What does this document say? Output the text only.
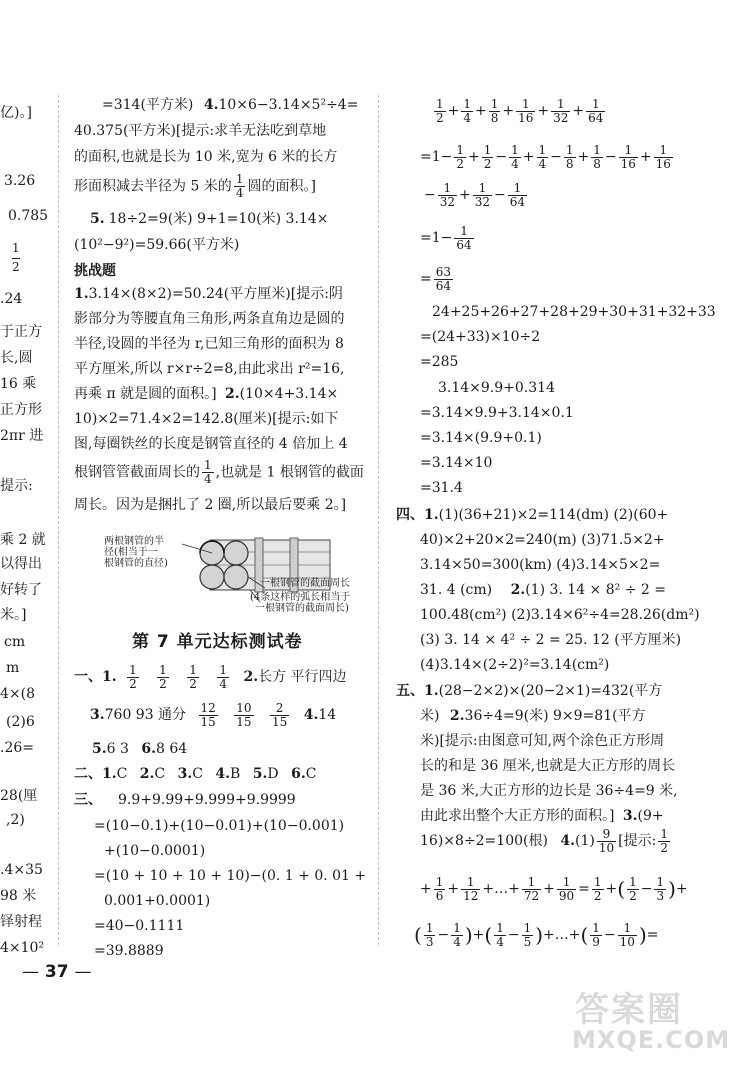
亿)。]
3.26
0.785
1
2
.24
于正方
长,圆
16 乘
正方形
2πr 进
提示:
乘 2 就
以得出
好转了
米。]
cm
m
4×(8
(2)6
.26=
28(厘
,2)
.4×35
98 米
铎射程
4×10²
=314(平方米) 4.10×6−3.14×5²÷4=
40.375(平方米)[提示:求羊无法吃到草地
的面积,也就是长为 10 米,宽为 6 米的长方
形面积减去半径为 5 米的 $\frac{1}{4}$ 圆的面积。]
5. 18÷2=9(米) 9+1=10(米) 3.14×
(10²−9²)=59.66(平方米)
挑战题
1.3.14×(8×2)=50.24(平方厘米)[提示:阴
影部分为等腰直角三角形,两条直角边是圆的
半径,设圆的半径为 r,已知三角形的面积为 8
平方厘米,所以 r×r÷2=8,由此求出 r²=16,
再乘 π 就是圆的面积。] 2.(10×4+3.14×
10)×2=71.4×2=142.8(厘米)[提示:如下
图,每圈铁丝的长度是钢管直径的 4 倍加上 4
根钢管管截面周长的 $\frac{1}{4}$ ,也就是 1 根钢管的截面
周长。因为是捆扎了 2 圈,所以最后要乘 2。]
两根钢管的半
径(相当于一
根钢管的直径)
一根钢管的截面周长
(4条这样的弧长相当于
一根钢管的截面周长)
第 7 单元达标测试卷
一、1. $\frac{1}{2}$
$\frac{1}{2}$
$\frac{1}{2}$
$\frac{1}{4} 2$.长方 平行四边
3.760 93 通分 $\frac{12}{15}$
$\frac{10}{15}$
$\frac{2}{15} 4.14$
5.6 3 6.8 64
二、1.C 2.C 3.C 4.B 5.D 6.C
三、 9.9+9.99+9.999+9.9999
=(10−0.1)+(10−0.01)+(10−0.001)
+(10−0.0001)
=(10 + 10 + 10 + 10)−(0. 1 + 0. 01 +
0.001+0.0001)
=40−0.1111
=39.8889
$\frac{1}{2} + \frac{1}{4} + \frac{1}{8} + \frac{1}{16} + \frac{1}{32} + \frac{1}{64}$
$=1- \frac{1}{2} + \frac{1}{2} - \frac{1}{4} + \frac{1}{4} - \frac{1}{8} + \frac{1}{8} - \frac{1}{16} + \frac{1}{16}$
− $\frac{1}{32} + \frac{1}{32} - \frac{1}{64}$
$=1- \frac{1}{64}$
= $\frac{63}{64}$
24+25+26+27+28+29+30+31+32+33
=(24+33)×10÷2
=285
3.14×9.9+0.314
=3.14×9.9+3.14×0.1
=3.14×(9.9+0.1)
=3.14×10
=31.4
四、1.(1)(36+21)×2=114(dm) (2)(60+
40)×2+20×2=240(m) (3)71.5×2+
3.14×50=300(km) (4)3.14×5×2=
31. 4 (cm) 2.(1) 3. 14 × 8² ÷ 2 =
100.48(cm²) (2)3.14×6²÷4=28.26(dm²)
(3) 3. 14 × 4² ÷ 2 = 25. 12 (平方厘米)
(4)3.14×(2÷2)²=3.14(cm²)
五、1.(28−2×2)×(20−2×1)=432(平方
米) 2.36÷4=9(米) 9×9=81(平方
米)[提示:由图意可知,两个涂色正方形周
长的和是 36 厘米,也就是大正方形的周长
是 36 米,大正方形的边长是 36÷4=9 米,
由此求出整个大正方形的面积。] 3.(9+
16)×8÷2=100(根) $4.(1) \frac{9}{10}$ [提示: $\frac{1}{2}$
+ $\frac{1}{6} + \frac{1}{12}$ +…+ $\frac{1}{72} + \frac{1}{90} = \frac{1}{2}$ +( $\frac{1}{2} - \frac{1}{3}$ )+
( $\frac{1}{3} - \frac{1}{4}$ )+( $\frac{1}{4} - \frac{1}{5}$ )+…+( $\frac{1}{9} - \frac{1}{10}$ )=
— 37 —
答案圈
MXQE.COM
